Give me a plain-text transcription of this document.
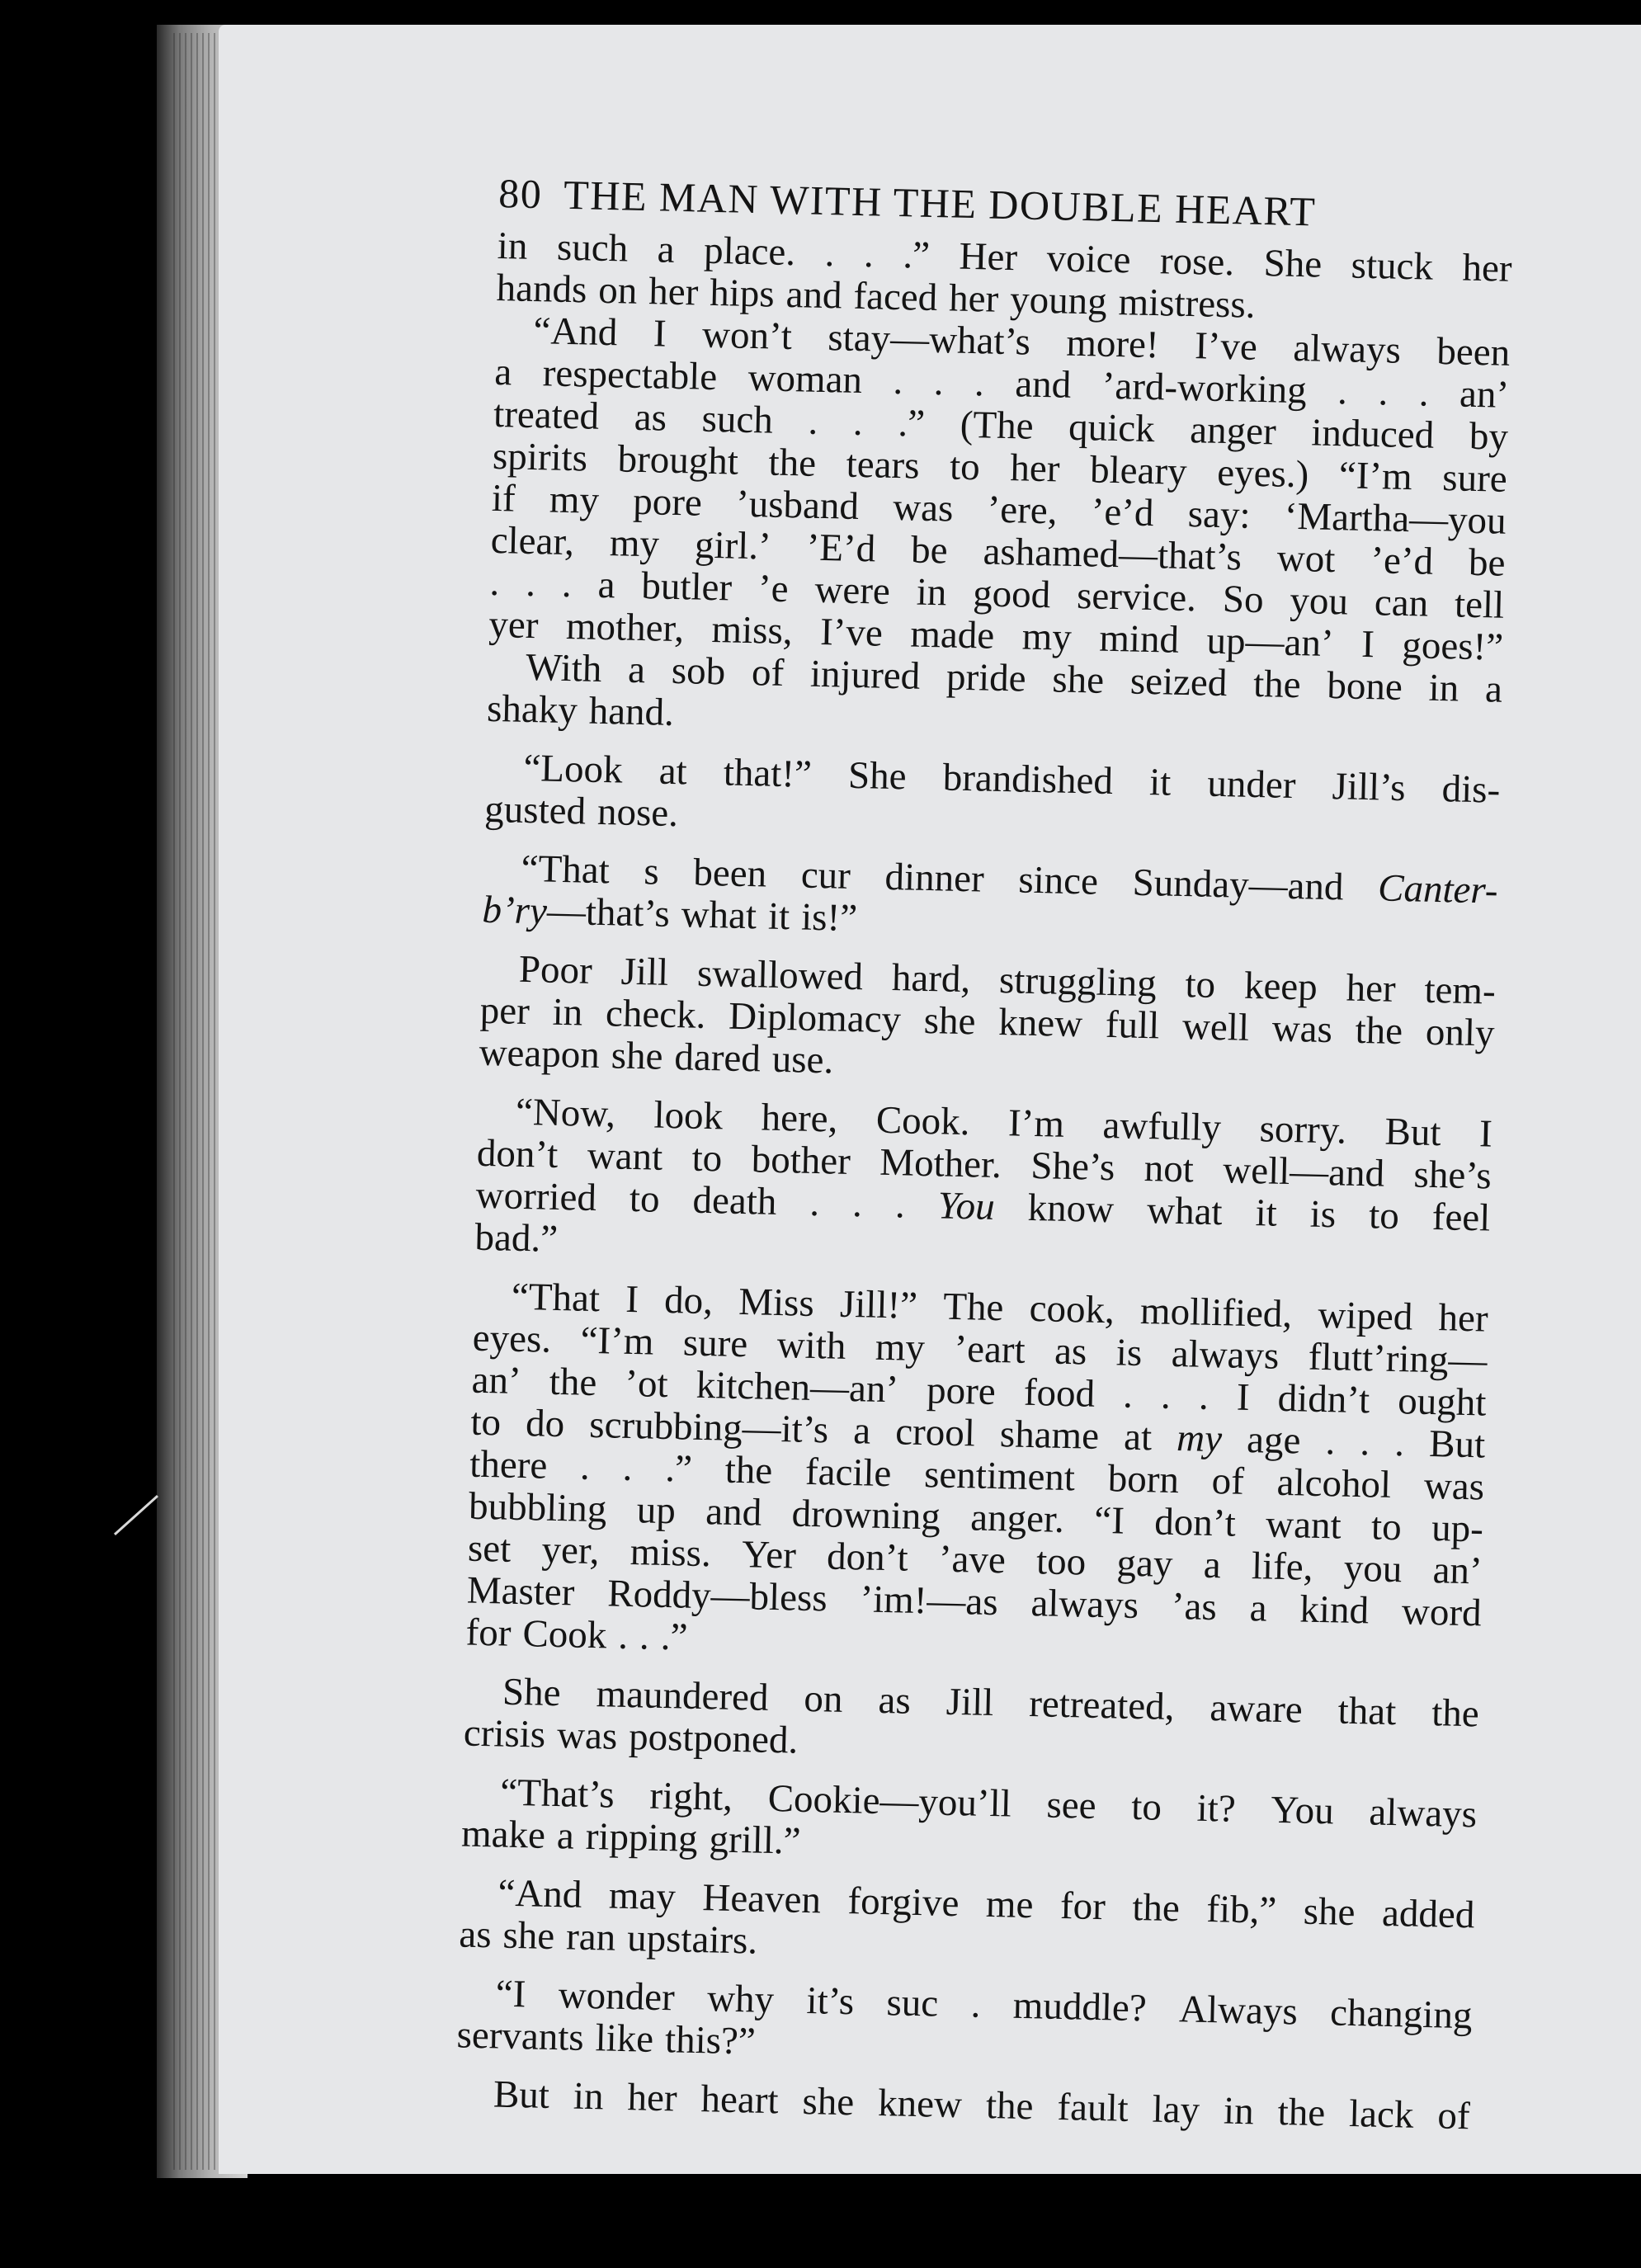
80 THE MAN WITH THE DOUBLE HEART
in such a place. . . .” Her voice rose. She stuck her
hands on her hips and faced her young mistress.
“And I won’t stay—what’s more! I’ve always been
a respectable woman . . . and ’ard-working . . . an’
treated as such . . .” (The quick anger induced by
spirits brought the tears to her bleary eyes.) “I’m sure
if my pore ’usband was ’ere, ’e’d say: ‘Martha—you
clear, my girl.’ ’E’d be ashamed—that’s wot ’e’d be
. . . a butler ’e were in good service. So you can tell
yer mother, miss, I’ve made my mind up—an’ I goes!”
With a sob of injured pride she seized the bone in a
shaky hand.
“Look at that!” She brandished it under Jill’s dis-
gusted nose.
“That s been cur dinner since Sunday—and Canter-
b’ry—that’s what it is!”
Poor Jill swallowed hard, struggling to keep her tem-
per in check. Diplomacy she knew full well was the only
weapon she dared use.
“Now, look here, Cook. I’m awfully sorry. But I
don’t want to bother Mother. She’s not well—and she’s
worried to death . . . You know what it is to feel
bad.”
“That I do, Miss Jill!” The cook, mollified, wiped her
eyes. “I’m sure with my ’eart as is always flutt’ring—
an’ the ’ot kitchen—an’ pore food . . . I didn’t ought
to do scrubbing—it’s a crool shame at my age . . . But
there . . .” the facile sentiment born of alcohol was
bubbling up and drowning anger. “I don’t want to up-
set yer, miss. Yer don’t ’ave too gay a life, you an’
Master Roddy—bless ’im!—as always ’as a kind word
for Cook . . .”
She maundered on as Jill retreated, aware that the
crisis was postponed.
“That’s right, Cookie—you’ll see to it? You always
make a ripping grill.”
“And may Heaven forgive me for the fib,” she added
as she ran upstairs.
“I wonder why it’s suc . muddle? Always changing
servants like this?”
But in her heart she knew the fault lay in the lack of
